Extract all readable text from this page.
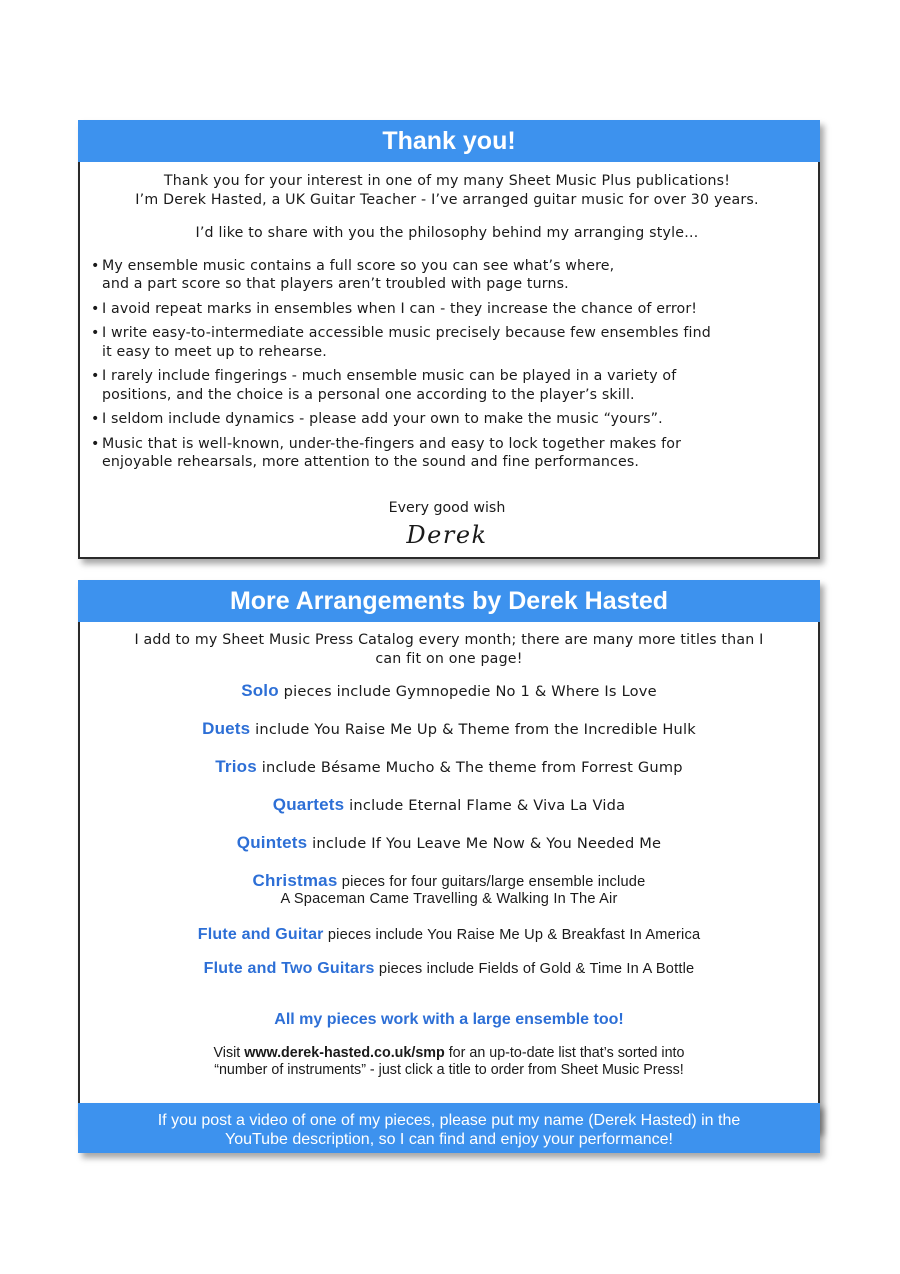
Thank you!
Thank you for your interest in one of my many Sheet Music Plus publications!
I’m Derek Hasted, a UK Guitar Teacher - I’ve arranged guitar music for over 30 years.
I’d like to share with you the philosophy behind my arranging style…
• My ensemble music contains a full score so you can see what’s where,
and a part score so that players aren’t troubled with page turns.
• I avoid repeat marks in ensembles when I can - they increase the chance of error!
• I write easy-to-intermediate accessible music precisely because few ensembles find
it easy to meet up to rehearse.
• I rarely include fingerings - much ensemble music can be played in a variety of
positions, and the choice is a personal one according to the player’s skill.
• I seldom include dynamics - please add your own to make the music “yours”.
• Music that is well-known, under-the-fingers and easy to lock together makes for
enjoyable rehearsals, more attention to the sound and fine performances.
Every good wish
Derek
More Arrangements by Derek Hasted
I add to my Sheet Music Press Catalog every month; there are many more titles than I
can fit on one page!
Solo pieces include Gymnopedie No 1 & Where Is Love
Duets include You Raise Me Up & Theme from the Incredible Hulk
Trios include Bésame Mucho & The theme from Forrest Gump
Quartets include Eternal Flame & Viva La Vida
Quintets include If You Leave Me Now & You Needed Me
Christmas pieces for four guitars/large ensemble include
A Spaceman Came Travelling & Walking In The Air
Flute and Guitar pieces include You Raise Me Up & Breakfast In America
Flute and Two Guitars pieces include Fields of Gold & Time In A Bottle
All my pieces work with a large ensemble too!
Visit www.derek-hasted.co.uk/smp for an up-to-date list that’s sorted into
“number of instruments” - just click a title to order from Sheet Music Press!
If you post a video of one of my pieces, please put my name (Derek Hasted) in the
YouTube description, so I can find and enjoy your performance!
